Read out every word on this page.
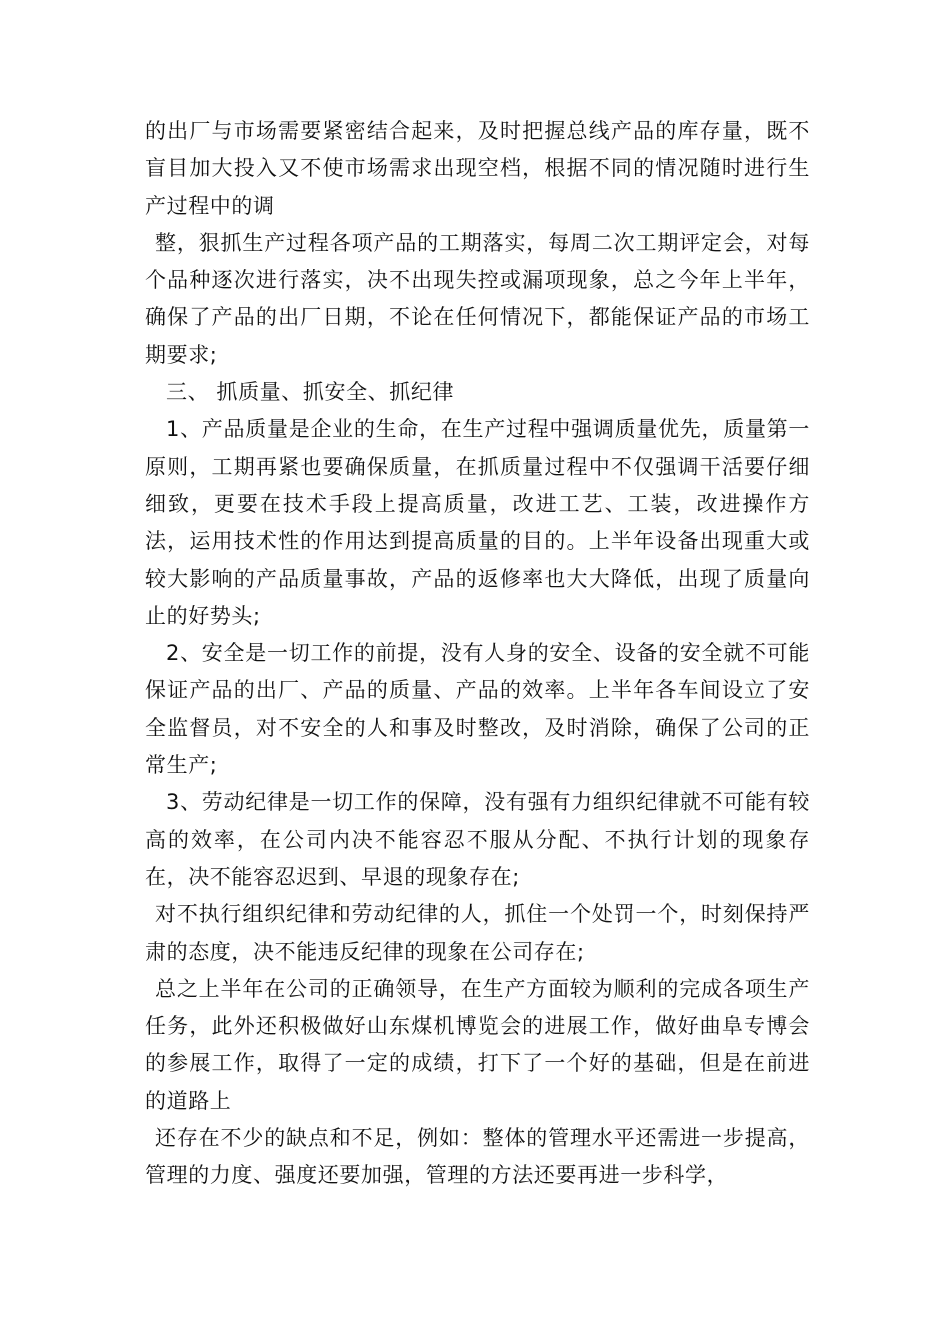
的出厂与市场需要紧密结合起来，及时把握总线产品的库存量，既不盲目加大投入又不使市场需求出现空档，根据不同的情况随时进行生产过程中的调

整，狠抓生产过程各项产品的工期落实，每周二次工期评定会，对每个品种逐次进行落实，决不出现失控或漏项现象，总之今年上半年，确保了产品的出厂日期，不论在任何情况下，都能保证产品的市场工期要求;

三、 抓质量、抓安全、抓纪律

1、产品质量是企业的生命，在生产过程中强调质量优先，质量第一原则，工期再紧也要确保质量，在抓质量过程中不仅强调干活要仔细细致，更要在技术手段上提高质量，改进工艺、工装，改进操作方法，运用技术性的作用达到提高质量的目的。上半年设备出现重大或较大影响的产品质量事故，产品的返修率也大大降低，出现了质量向止的好势头;

2、安全是一切工作的前提，没有人身的安全、设备的安全就不可能保证产品的出厂、产品的质量、产品的效率。上半年各车间设立了安全监督员，对不安全的人和事及时整改，及时消除，确保了公司的正常生产;

3、劳动纪律是一切工作的保障，没有强有力组织纪律就不可能有较高的效率，在公司内决不能容忍不服从分配、不执行计划的现象存在，决不能容忍迟到、早退的现象存在;

对不执行组织纪律和劳动纪律的人，抓住一个处罚一个，时刻保持严肃的态度，决不能违反纪律的现象在公司存在;

总之上半年在公司的正确领导，在生产方面较为顺利的完成各项生产任务，此外还积极做好山东煤机博览会的进展工作，做好曲阜专博会的参展工作，取得了一定的成绩，打下了一个好的基础，但是在前进的道路上

还存在不少的缺点和不足，例如：整体的管理水平还需进一步提高，管理的力度、强度还要加强，管理的方法还要再进一步科学，
